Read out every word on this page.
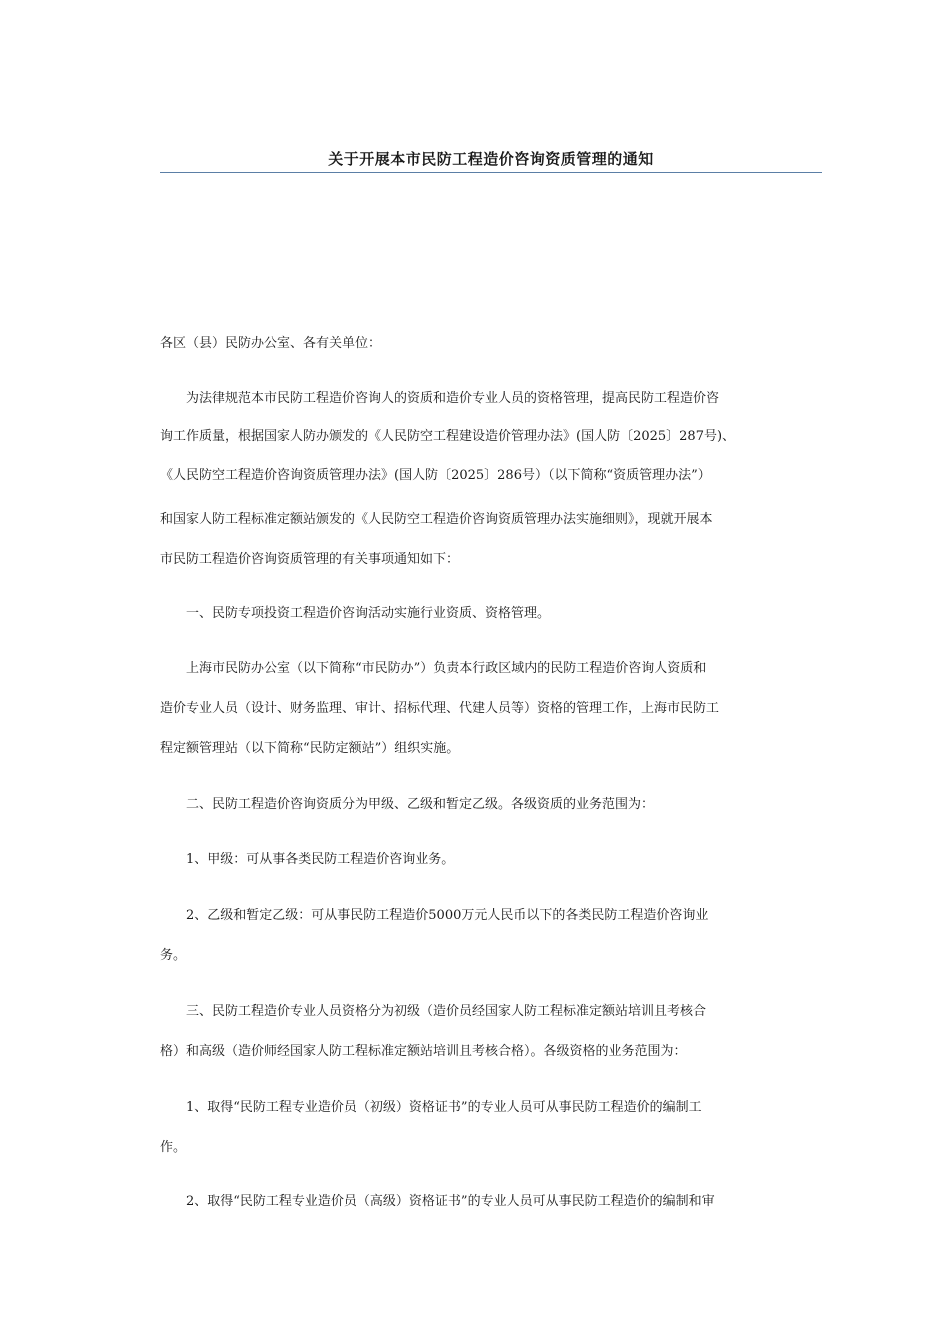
关于开展本市民防工程造价咨询资质管理的通知
各区（县）民防办公室、各有关单位：
　　为法律规范本市民防工程造价咨询人的资质和造价专业人员的资格管理，提高民防工程造价咨
询工作质量，根据国家人防办颁发的《人民防空工程建设造价管理办法》(国人防〔2025〕287号)、
《人民防空工程造价咨询资质管理办法》(国人防〔2025〕286号）（以下简称“资质管理办法”）
和国家人防工程标准定额站颁发的《人民防空工程造价咨询资质管理办法实施细则》，现就开展本
市民防工程造价咨询资质管理的有关事项通知如下：
　　一、民防专项投资工程造价咨询活动实施行业资质、资格管理。
　　上海市民防办公室（以下简称“市民防办”）负责本行政区域内的民防工程造价咨询人资质和
造价专业人员（设计、财务监理、审计、招标代理、代建人员等）资格的管理工作，上海市民防工
程定额管理站（以下简称“民防定额站”）组织实施。
　　二、民防工程造价咨询资质分为甲级、乙级和暂定乙级。各级资质的业务范围为：
　　1、甲级：可从事各类民防工程造价咨询业务。
　　2、乙级和暂定乙级：可从事民防工程造价5000万元人民币以下的各类民防工程造价咨询业
务。
　　三、民防工程造价专业人员资格分为初级（造价员经国家人防工程标准定额站培训且考核合
格）和高级（造价师经国家人防工程标准定额站培训且考核合格）。各级资格的业务范围为：
　　1、取得“民防工程专业造价员（初级）资格证书”的专业人员可从事民防工程造价的编制工
作。
　　2、取得“民防工程专业造价员（高级）资格证书”的专业人员可从事民防工程造价的编制和审
